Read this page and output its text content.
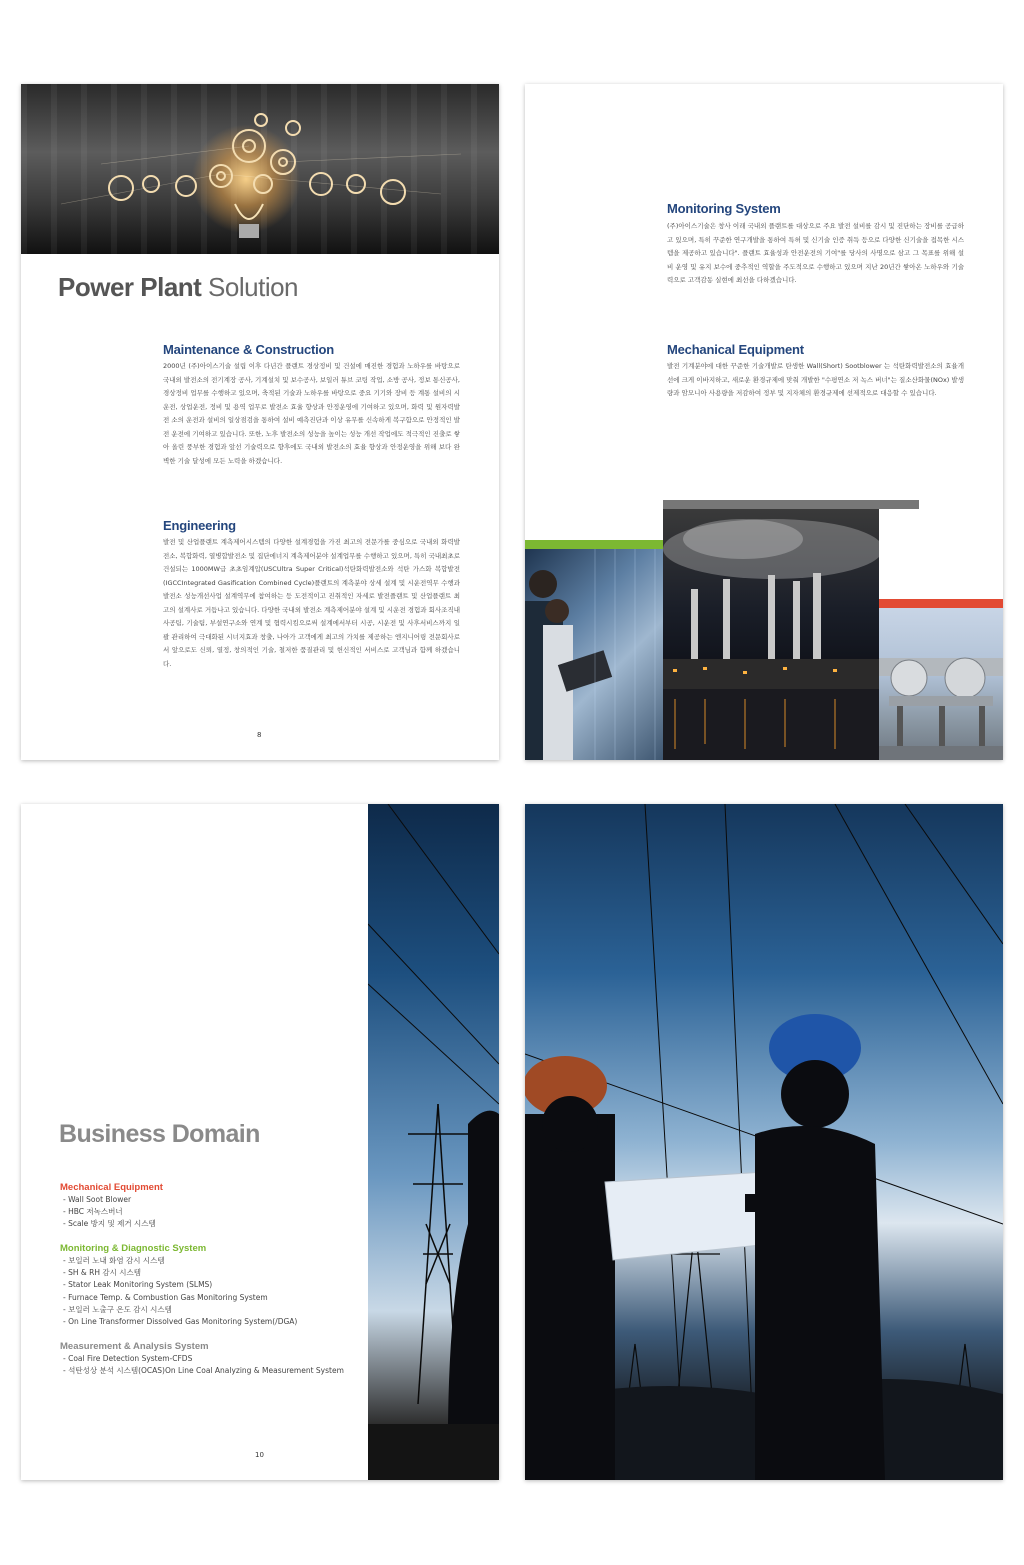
Power Plant Solution
Maintenance & Construction
2000년 (주)아이스기술 설립 이후 다년간 플랜트 경상정비 및 건설에 매진한 경험과 노하우를 바탕으로 국내외 발전소의 전기계장 공사, 기계설치 및 보수공사, 보일러 튜브 코팅 작업, 소방 공사, 정보 통신공사, 경상정비 업무를 수행하고 있으며, 축적된 기술과 노하우를 바탕으로 중요 기기와 장비 등 계통 설비의 시운전, 상업운전, 정비 및 용역 업무로 발전소 효율 향상과 안정운영에 기여하고 있으며, 화력 및 원자력발전 소의 운전과 설비의 일상점검을 통하여 설비 예측진단과 이상 유무를 신속하게 복구함으로 안정적인 발전 운전에 기여하고 있습니다. 또한, 노후 발전소의 성능을 높이는 성능 개선 작업에도 적극적인 진출로 쌓아 올린 풍부한 경험과 앞선 기술력으로 향후에도 국내외 발전소의 효율 향상과 안정운영을 위해 보다 완벽한 기술 달성에 모든 노력을 하겠습니다.
Engineering
발전 및 산업플랜트 계측제어시스템의 다양한 설계경험을 가진 최고의 전문가를 중심으로 국내외 화력발전소, 복합화력, 열병합발전소 및 집단에너지 계측제어분야 설계업무를 수행하고 있으며, 특히 국내최초로 건설되는 1000MW급 초초임계압(USCUltra Super Critical)석탄화력발전소와 석탄 가스화 복합발전(IGCCIntegrated Gasification Combined Cycle)플랜트의 계측분야 상세 설계 및 시운전역무 수행과 발전소 성능개선사업 설계역무에 참여하는 등 도전적이고 진취적인 자세로 발전플랜트 및 산업플랜트 최고의 설계사로 거듭나고 있습니다. 다양한 국내외 발전소 계측제어분야 설계 및 시운전 경험과 회사조직내 사공팀, 기술팀, 부설연구소와 연계 및 협력시킴으로써 설계에서부터 시공, 시운전 및 사후서비스까지 일괄 관리하여 극대화된 시너지효과 창출, 나아가 고객에게 최고의 가치를 제공하는 엔지니어링 전문회사로서 앞으로도 신뢰, 열정, 창의적인 기술, 철저한 품질관리 및 헌신적인 서비스로 고객님과 함께 하겠습니다.
8
Monitoring System
(주)아이스기술은 창사 이래 국내외 플랜트를 대상으로 주요 발전 설비를 감시 및 진단하는 장비를 공급하고 있으며, 특히 꾸준한 연구개발을 통하여 특허 및 신기술 인증 취득 등으로 다양한 신기술을 접목한 시스템을 제공하고 있습니다". 플랜트 효율성과 안전운전의 기여"를 당사의 사명으로 삼고 그 목표를 위해 설비 운영 및 유지 보수에 중추적인 역할을 주도적으로 수행하고 있으며 지난 20년간 쌓아온 노하우와 기술력으로 고객감동 실현에 최선을 다하겠습니다.
Mechanical Equipment
발전 기계분야에 대한 꾸준한 기술개발로 탄생한 Wall(Short) Sootblower 는 석탄화력발전소의 효율개선에 크게 이바지하고, 새로운 환경규제에 맞춰 개발한 "수평연소 저 녹스 버너"는 질소산화물(NOx) 발생량과 암모니아 사용량을 저감하여 정부 및 지자체의 환경규제에 선제적으로 대응할 수 있습니다.
Business Domain
Mechanical Equipment
- Wall Soot Blower
- HBC 저녹스버너
- Scale 방지 및 제거 시스템
Monitoring & Diagnostic System
- 보일러 노내 화염 감시 시스템
- SH & RH 감시 시스템
- Stator Leak Monitoring System (SLMS)
- Furnace Temp. & Combustion Gas Monitoring System
- 보일러 노출구 온도 감시 시스템
- On Line Transformer Dissolved Gas Monitoring System(/DGA)
Measurement & Analysis System
- Coal Fire Detection System-CFDS
- 석탄성상 분석 시스템(OCAS)On Line Coal Analyzing & Measurement System
10
